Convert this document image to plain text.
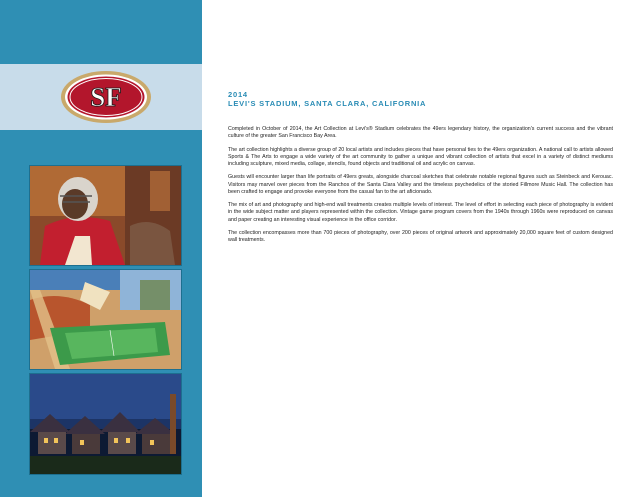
SF	2014
LEVI'S STADIUM, SANTA CLARA, CALIFORNIA

Completed in October of 2014, the Art Collection at Levi's® Stadium celebrates the 49ers legendary history, the organization's current success and the vibrant culture of the greater San Francisco Bay Area.

The art collection highlights a diverse group of 20 local artists and includes pieces that have personal ties to the 49ers organization. A national call to artists allowed Sports & The Arts to engage a wide variety of the art community to gather a unique and vibrant collection of artists that excel in a variety of distinct mediums including sculpture, mixed media, collage, stencils, found objects and traditional oil and acrylic on canvas.

Guests will encounter larger than life portraits of 49ers greats, alongside charcoal sketches that celebrate notable regional figures such as Steinbeck and Kerouac. Visitors may marvel over pieces from the Ranchos of the Santa Clara Valley and the timeless psychedelics of the storied Fillmore Music Hall. The collection has been crafted to engage and provoke everyone from the casual fan to the art aficionado.

The mix of art and photography and high-end wall treatments creates multiple levels of interest. The level of effort in selecting each piece of photography is evident in the wide subject matter and players represented within the collection. Vintage game program covers from the 1940s through 1960s were reproduced on canvas and paper creating an interesting visual experience in the office corridor.

The collection encompasses more than 700 pieces of photography, over 200 pieces of original artwork and approximately 20,000 square feet of custom designed wall treatments.
